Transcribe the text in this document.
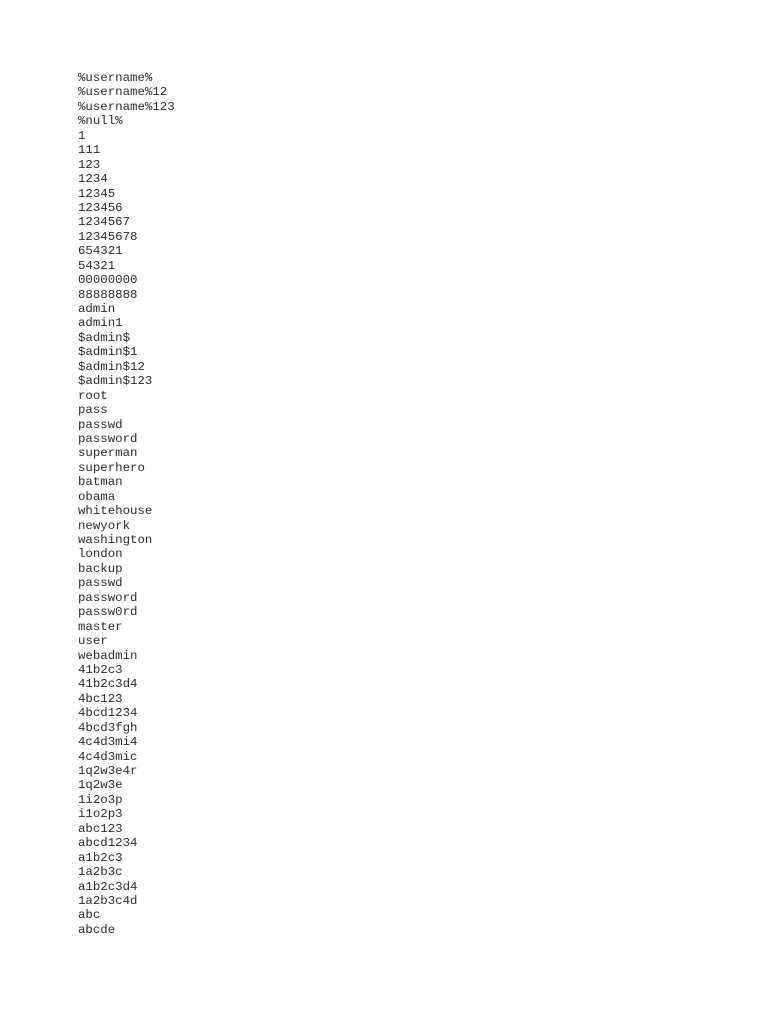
%username%
%username%12
%username%123
%null%
1
111
123
1234
12345
123456
1234567
12345678
654321
54321
00000000
88888888
admin
admin1
$admin$
$admin$1
$admin$12
$admin$123
root
pass
passwd
password
superman
superhero
batman
obama
whitehouse
newyork
washington
london
backup
passwd
password
passw0rd
master
user
webadmin
41b2c3
41b2c3d4
4bc123
4bcd1234
4bcd3fgh
4c4d3mi4
4c4d3mic
1q2w3e4r
1q2w3e
1i2o3p
i1o2p3
abc123
abcd1234
a1b2c3
1a2b3c
a1b2c3d4
1a2b3c4d
abc
abcde
